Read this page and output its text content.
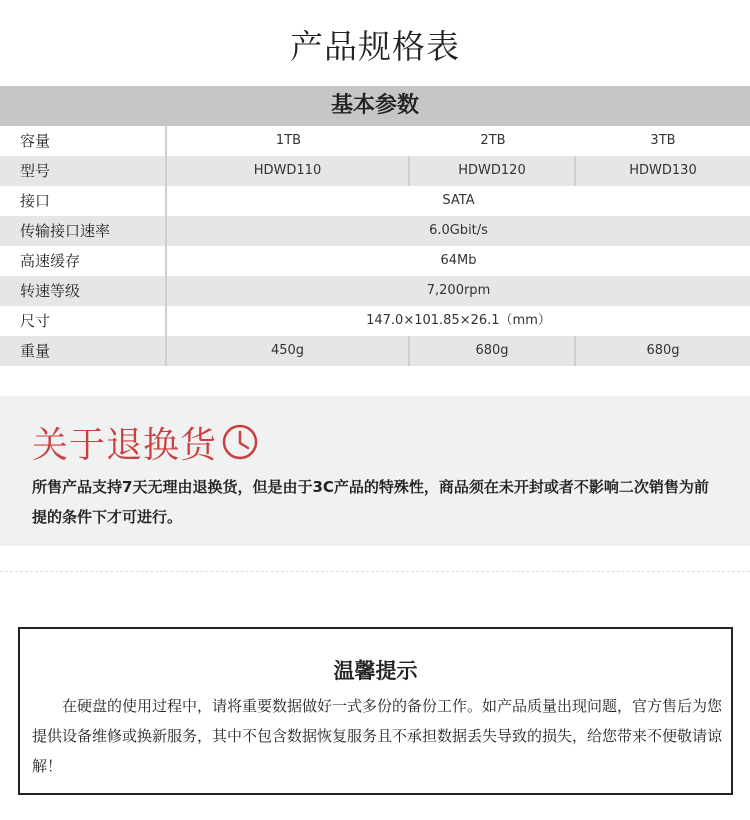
产品规格表
基本参数
容量	1TB	2TB	3TB
型号	HDWD110	HDWD120	HDWD130
接口	SATA
传输接口速率	6.0Gbit/s
高速缓存	64Mb
转速等级	7,200rpm
尺寸	147.0×101.85×26.1（mm）
重量	450g	680g	680g
关于退换货
所售产品支持7天无理由退换货，但是由于3C产品的特殊性，商品须在未开封或者不影响二次销售为前提的条件下才可进行。
温馨提示
在硬盘的使用过程中，请将重要数据做好一式多份的备份工作。如产品质量出现问题，官方售后为您提供设备维修或换新服务，其中不包含数据恢复服务且不承担数据丢失导致的损失，给您带来不便敬请谅解！
